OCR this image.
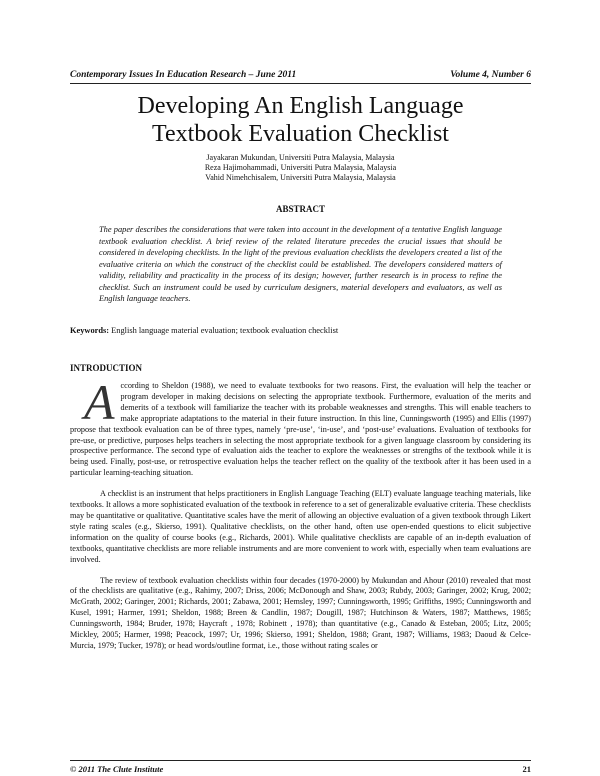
Contemporary Issues In Education Research – June 2011	Volume 4, Number 6
Developing An English Language
Textbook Evaluation Checklist
Jayakaran Mukundan, Universiti Putra Malaysia, Malaysia
Reza Hajimohammadi, Universiti Putra Malaysia, Malaysia
Vahid Nimehchisalem, Universiti Putra Malaysia, Malaysia
ABSTRACT
The paper describes the considerations that were taken into account in the development of a tentative English language textbook evaluation checklist. A brief review of the related literature precedes the crucial issues that should be considered in developing checklists. In the light of the previous evaluation checklists the developers created a list of the evaluative criteria on which the construct of the checklist could be established. The developers considered matters of validity, reliability and practicality in the process of its design; however, further research is in process to refine the checklist. Such an instrument could be used by curriculum designers, material developers and evaluators, as well as English language teachers.
Keywords: English language material evaluation; textbook evaluation checklist
INTRODUCTION

According to Sheldon (1988), we need to evaluate textbooks for two reasons. First, the evaluation will help the teacher or program developer in making decisions on selecting the appropriate textbook. Furthermore, evaluation of the merits and demerits of a textbook will familiarize the teacher with its probable weaknesses and strengths. This will enable teachers to make appropriate adaptations to the material in their future instruction. In this line, Cunningsworth (1995) and Ellis (1997) propose that textbook evaluation can be of three types, namely ‘pre-use’, ‘in-use’, and ‘post-use’ evaluations. Evaluation of textbooks for pre-use, or predictive, purposes helps teachers in selecting the most appropriate textbook for a given language classroom by considering its prospective performance. The second type of evaluation aids the teacher to explore the weaknesses or strengths of the textbook while it is being used. Finally, post-use, or retrospective evaluation helps the teacher reflect on the quality of the textbook after it has been used in a particular learning-teaching situation.

A checklist is an instrument that helps practitioners in English Language Teaching (ELT) evaluate language teaching materials, like textbooks. It allows a more sophisticated evaluation of the textbook in reference to a set of generalizable evaluative criteria. These checklists may be quantitative or qualitative. Quantitative scales have the merit of allowing an objective evaluation of a given textbook through Likert style rating scales (e.g., Skierso, 1991). Qualitative checklists, on the other hand, often use open-ended questions to elicit subjective information on the quality of course books (e.g., Richards, 2001). While qualitative checklists are capable of an in-depth evaluation of textbooks, quantitative checklists are more reliable instruments and are more convenient to work with, especially when team evaluations are involved.

The review of textbook evaluation checklists within four decades (1970-2000) by Mukundan and Ahour (2010) revealed that most of the checklists are qualitative (e.g., Rahimy, 2007; Driss, 2006; McDonough and Shaw, 2003; Rubdy, 2003; Garinger, 2002; Krug, 2002; McGrath, 2002; Garinger, 2001; Richards, 2001; Zabawa, 2001; Hemsley, 1997; Cunningsworth, 1995; Griffiths, 1995; Cunningsworth and Kusel, 1991; Harmer, 1991; Sheldon, 1988; Breen & Candlin, 1987; Dougill, 1987; Hutchinson & Waters, 1987; Matthews, 1985; Cunningsworth, 1984; Bruder, 1978; Haycraft , 1978; Robinett , 1978); than quantitative (e.g., Canado & Esteban, 2005; Litz, 2005; Mickley, 2005; Harmer, 1998; Peacock, 1997; Ur, 1996; Skierso, 1991; Sheldon, 1988; Grant, 1987; Williams, 1983; Daoud & Celce-Murcia, 1979; Tucker, 1978); or head words/outline format, i.e., those without rating scales or

© 2011 The Clute Institute	21
